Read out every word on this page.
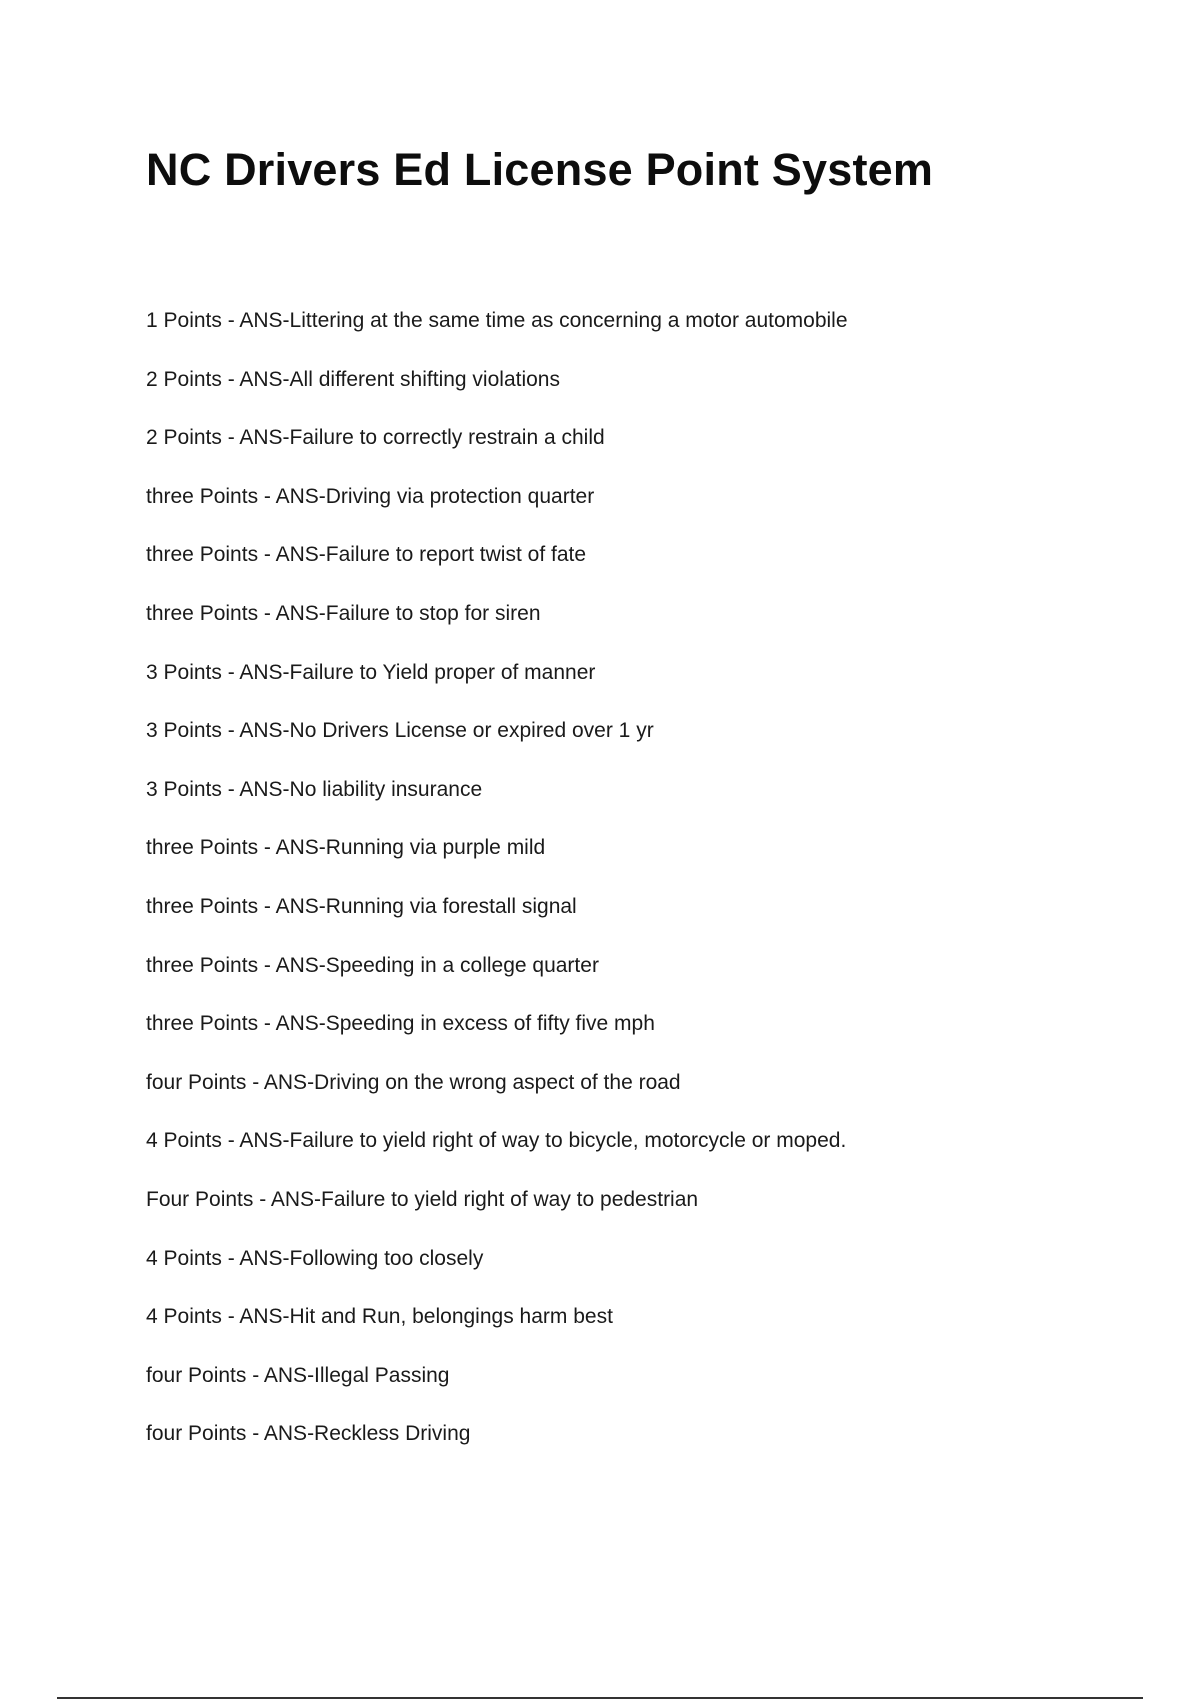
NC Drivers Ed License Point System
1 Points - ANS-Littering at the same time as concerning a motor automobile
2 Points - ANS-All different shifting violations
2 Points - ANS-Failure to correctly restrain a child
three Points - ANS-Driving via protection quarter
three Points - ANS-Failure to report twist of fate
three Points - ANS-Failure to stop for siren
3 Points - ANS-Failure to Yield proper of manner
3 Points - ANS-No Drivers License or expired over 1 yr
3 Points - ANS-No liability insurance
three Points - ANS-Running via purple mild
three Points - ANS-Running via forestall signal
three Points - ANS-Speeding in a college quarter
three Points - ANS-Speeding in excess of fifty five mph
four Points - ANS-Driving on the wrong aspect of the road
4 Points - ANS-Failure to yield right of way to bicycle, motorcycle or moped.
Four Points - ANS-Failure to yield right of way to pedestrian
4 Points - ANS-Following too closely
4 Points - ANS-Hit and Run, belongings harm best
four Points - ANS-Illegal Passing
four Points - ANS-Reckless Driving
